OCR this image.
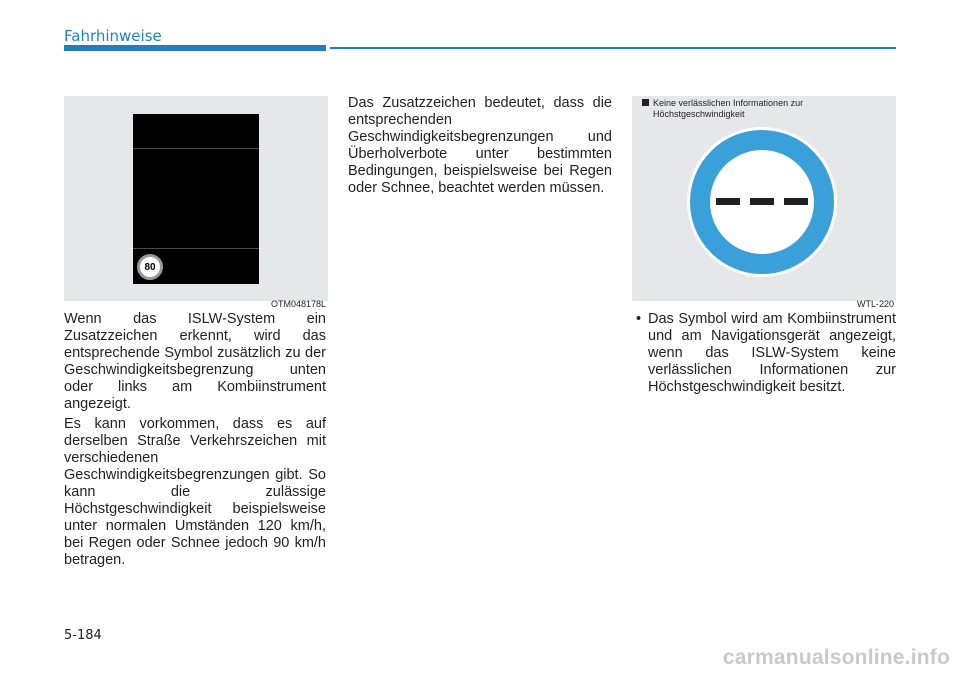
Fahrhinweise
80
OTM048178L
Keine verlässlichen Informationen zur
Höchstgeschwindigkeit
WTL-220

Wenn das ISLW-System ein Zusatzzeichen erkennt, wird das entsprechende Symbol zusätzlich zu der Geschwindigkeitsbegrenzung unten oder links am Kombiinstrument angezeigt.

Es kann vorkommen, dass es auf derselben Straße Verkehrszeichen mit verschiedenen Geschwindigkeitsbegrenzungen gibt. So kann die zulässige Höchstgeschwindigkeit beispielsweise unter normalen Umständen 120 km/h, bei Regen oder Schnee jedoch 90 km/h betragen.

Das Zusatzzeichen bedeutet, dass die entsprechenden Geschwindigkeitsbegrenzungen und Überholverbote unter bestimmten Bedingungen, beispielsweise bei Regen oder Schnee, beachtet werden müssen.

• Das Symbol wird am Kombiinstrument und am Navigationsgerät angezeigt, wenn das ISLW-System keine verlässlichen Informationen zur Höchstgeschwindigkeit besitzt.
5-184
carmanualsonline.info
